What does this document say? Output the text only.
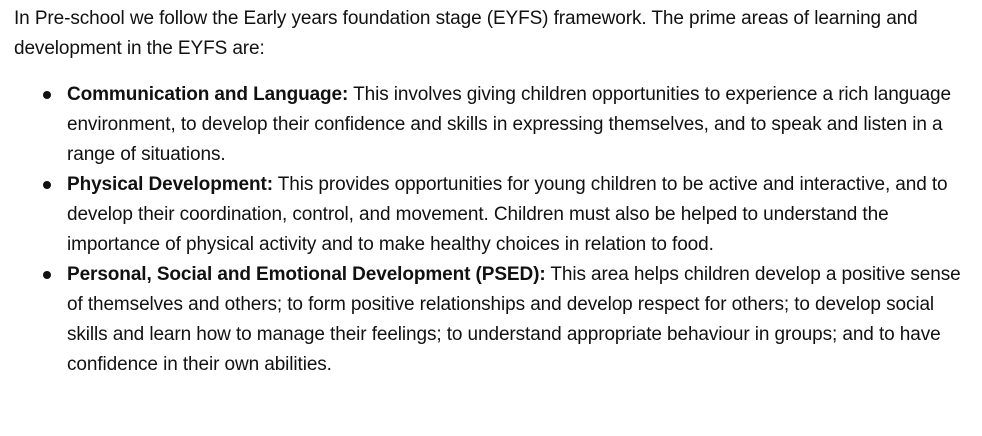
In Pre-school we follow the Early years foundation stage (EYFS) framework. The prime areas of learning and development in the EYFS are:

Communication and Language: This involves giving children opportunities to experience a rich language environment, to develop their confidence and skills in expressing themselves, and to speak and listen in a range of situations.
Physical Development: This provides opportunities for young children to be active and interactive, and to develop their coordination, control, and movement. Children must also be helped to understand the importance of physical activity and to make healthy choices in relation to food.
Personal, Social and Emotional Development (PSED): This area helps children develop a positive sense of themselves and others; to form positive relationships and develop respect for others; to develop social skills and learn how to manage their feelings; to understand appropriate behaviour in groups; and to have confidence in their own abilities.
